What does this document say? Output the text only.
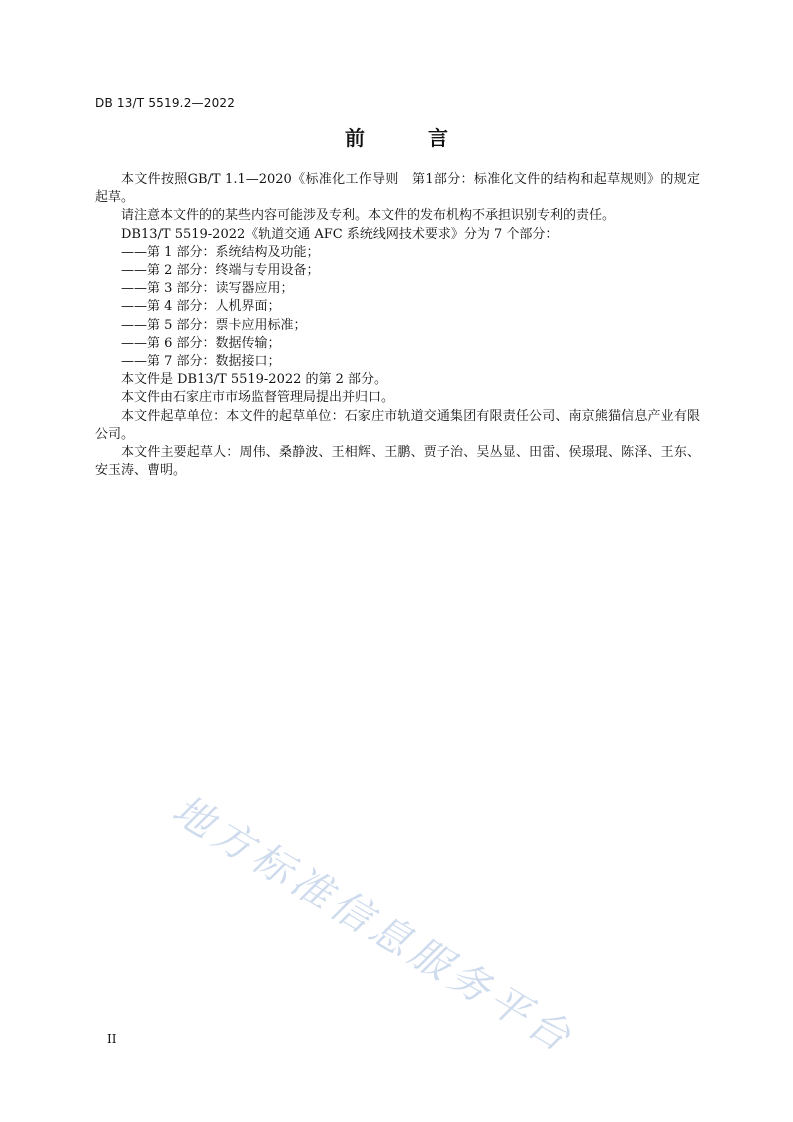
DB 13/T 5519.2—2022
前 言

本文件按照GB/T 1.1—2020《标准化工作导则　第1部分：标准化文件的结构和起草规则》的规定起草。

请注意本文件的的某些内容可能涉及专利。本文件的发布机构不承担识别专利的责任。

DB13/T 5519-2022《轨道交通 AFC 系统线网技术要求》分为 7 个部分：

——第 1 部分：系统结构及功能；

——第 2 部分：终端与专用设备；

——第 3 部分：读写器应用；

——第 4 部分：人机界面；

——第 5 部分：票卡应用标准；

——第 6 部分：数据传输；

——第 7 部分：数据接口；

本文件是 DB13/T 5519-2022 的第 2 部分。

本文件由石家庄市市场监督管理局提出并归口。

本文件起草单位：本文件的起草单位：石家庄市轨道交通集团有限责任公司、南京熊猫信息产业有限公司。

本文件主要起草人：周伟、桑静波、王相辉、王鹏、贾子治、吴丛显、田雷、侯璟琨、陈泽、王东、安玉涛、曹明。

地方标准信息服务平台
II
